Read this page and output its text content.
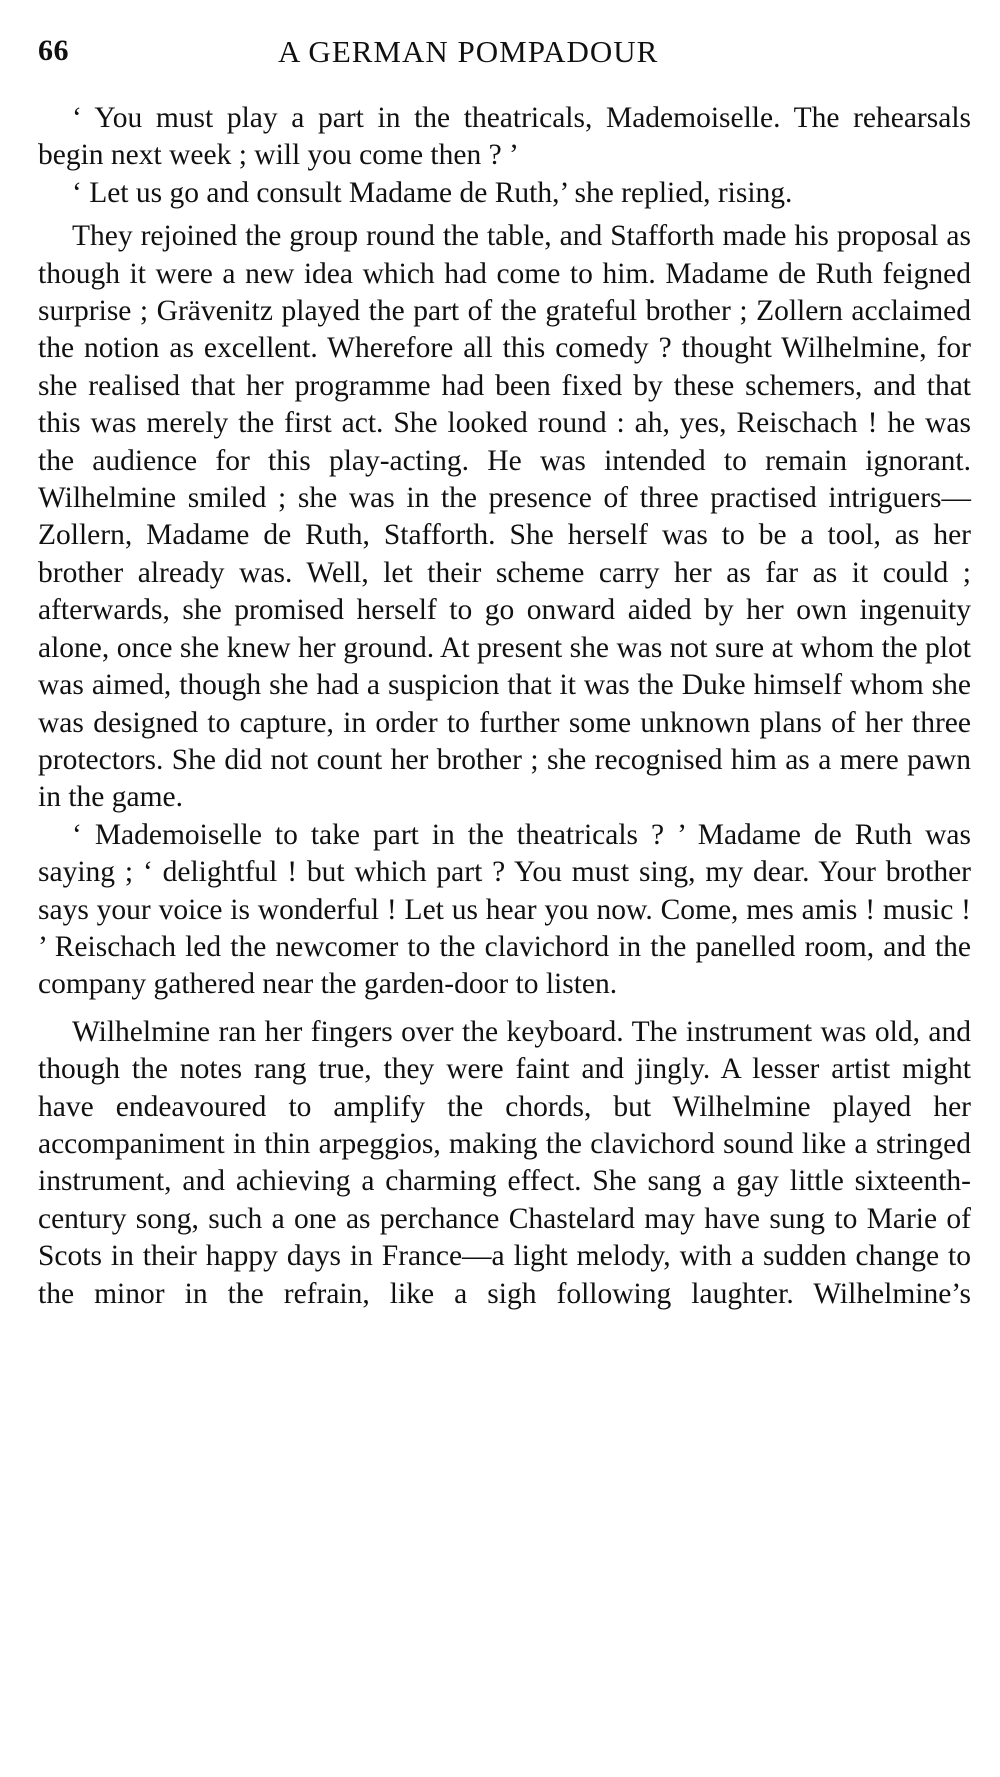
66	A GERMAN POMPADOUR

‘ You must play a part in the theatricals, Mademoiselle. The rehearsals begin next week ; will you come then ? ’

‘ Let us go and consult Madame de Ruth,’ she replied, rising.

They rejoined the group round the table, and Stafforth made his proposal as though it were a new idea which had come to him. Madame de Ruth feigned surprise ; Grävenitz played the part of the grateful brother ; Zollern acclaimed the notion as excellent. Wherefore all this comedy ? thought Wilhelmine, for she realised that her programme had been fixed by these schemers, and that this was merely the first act. She looked round : ah, yes, Reischach ! he was the audience for this play-acting. He was intended to remain ignorant. Wilhelmine smiled ; she was in the presence of three practised intriguers—Zollern, Madame de Ruth, Stafforth. She herself was to be a tool, as her brother already was. Well, let their scheme carry her as far as it could ; afterwards, she promised herself to go onward aided by her own ingenuity alone, once she knew her ground. At present she was not sure at whom the plot was aimed, though she had a suspicion that it was the Duke himself whom she was designed to capture, in order to further some unknown plans of her three protectors. She did not count her brother ; she recognised him as a mere pawn in the game.

‘ Mademoiselle to take part in the theatricals ? ’ Madame de Ruth was saying ; ‘ delightful ! but which part ? You must sing, my dear. Your brother says your voice is wonderful ! Let us hear you now. Come, mes amis ! music ! ’ Reischach led the newcomer to the clavichord in the panelled room, and the company gathered near the garden-door to listen.

Wilhelmine ran her fingers over the keyboard. The instrument was old, and though the notes rang true, they were faint and jingly. A lesser artist might have endeavoured to amplify the chords, but Wilhelmine played her accompaniment in thin arpeggios, making the clavichord sound like a stringed instrument, and achieving a charming effect. She sang a gay little sixteenth-century song, such a one as perchance Chastelard may have sung to Marie of Scots in their happy days in France—a light melody, with a sudden change to the minor in the refrain, like a sigh following laughter. Wilhelmine’s
